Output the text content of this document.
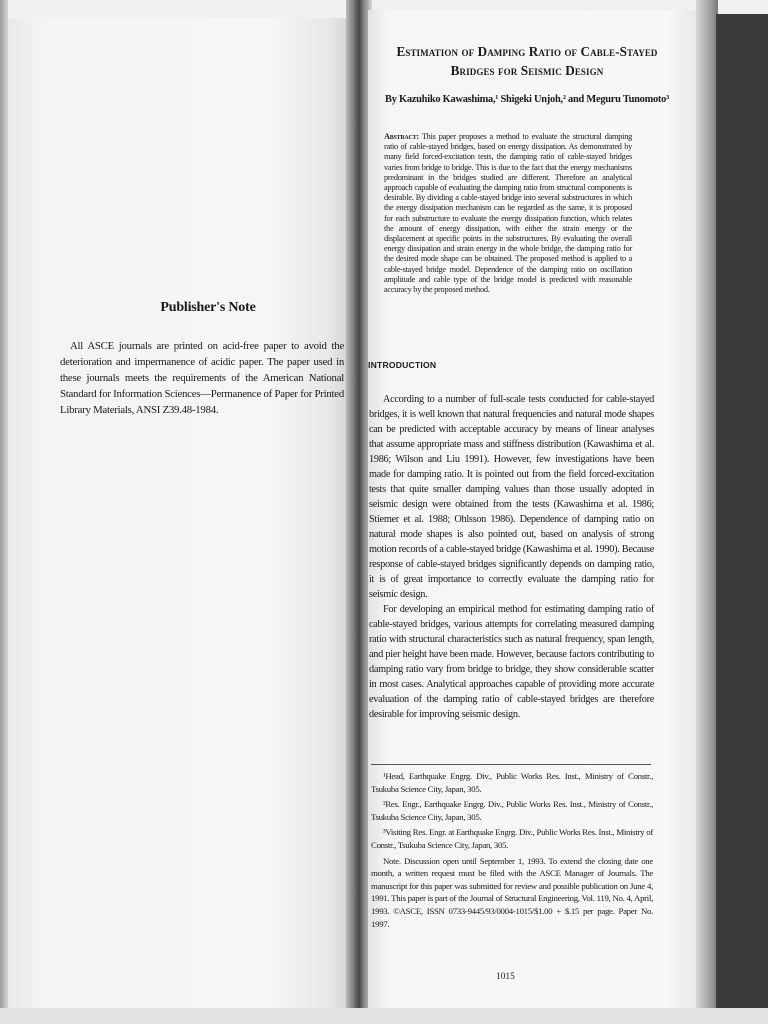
Publisher's Note

All ASCE journals are printed on acid-free paper to avoid the deterioration and impermanence of acidic paper. The paper used in these journals meets the requirements of the American National Standard for Information Sciences—Permanence of Paper for Printed Library Materials, ANSI Z39.48-1984.

Estimation of Damping Ratio of Cable-Stayed
Bridges for Seismic Design
By Kazuhiko Kawashima,¹ Shigeki Unjoh,² and Meguru Tunomoto³
Abstract: This paper proposes a method to evaluate the structural damping ratio of cable-stayed bridges, based on energy dissipation. As demonstrated by many field forced-excitation tests, the damping ratio of cable-stayed bridges varies from bridge to bridge. This is due to the fact that the energy mechanisms predominant in the bridges studied are different. Therefore an analytical approach capable of evaluating the damping ratio from structural components is desirable. By dividing a cable-stayed bridge into several substructures in which the energy dissipation mechanism can be regarded as the same, it is proposed for each substructure to evaluate the energy dissipation function, which relates the amount of energy dissipation, with either the strain energy or the displacement at specific points in the substructures. By evaluating the overall energy dissipation and strain energy in the whole bridge, the damping ratio for the desired mode shape can be obtained. The proposed method is applied to a cable-stayed bridge model. Dependence of the damping ratio on oscillation amplitude and cable type of the bridge model is predicted with reasonable accuracy by the proposed method.
INTRODUCTION

According to a number of full-scale tests conducted for cable-stayed bridges, it is well known that natural frequencies and natural mode shapes can be predicted with acceptable accuracy by means of linear analyses that assume appropriate mass and stiffness distribution (Kawashima et al. 1986; Wilson and Liu 1991). However, few investigations have been made for damping ratio. It is pointed out from the field forced-excitation tests that quite smaller damping values than those usually adopted in seismic design were obtained from the tests (Kawashima et al. 1986; Stiemer et al. 1988; Ohlsson 1986). Dependence of damping ratio on natural mode shapes is also pointed out, based on analysis of strong motion records of a cable-stayed bridge (Kawashima et al. 1990). Because response of cable-stayed bridges significantly depends on damping ratio, it is of great importance to correctly evaluate the damping ratio for seismic design.

For developing an empirical method for estimating damping ratio of cable-stayed bridges, various attempts for correlating measured damping ratio with structural characteristics such as natural frequency, span length, and pier height have been made. However, because factors contributing to damping ratio vary from bridge to bridge, they show considerable scatter in most cases. Analytical approaches capable of providing more accurate evaluation of the damping ratio of cable-stayed bridges are therefore desirable for improving seismic design.

¹Head, Earthquake Engrg. Div., Public Works Res. Inst., Ministry of Constr., Tsukuba Science City, Japan, 305.

²Res. Engr., Earthquake Engrg. Div., Public Works Res. Inst., Ministry of Constr., Tsukuba Science City, Japan, 305.

³Visiting Res. Engr. at Earthquake Engrg. Div., Public Works Res. Inst., Ministry of Constr., Tsukuba Science City, Japan, 305.

Note. Discussion open until September 1, 1993. To extend the closing date one month, a written request must be filed with the ASCE Manager of Journals. The manuscript for this paper was submitted for review and possible publication on June 4, 1991. This paper is part of the Journal of Structural Engineering, Vol. 119, No. 4, April, 1993. ©ASCE, ISSN 0733-9445/93/0004-1015/$1.00 + $.15 per page. Paper No. 1997.

1015
